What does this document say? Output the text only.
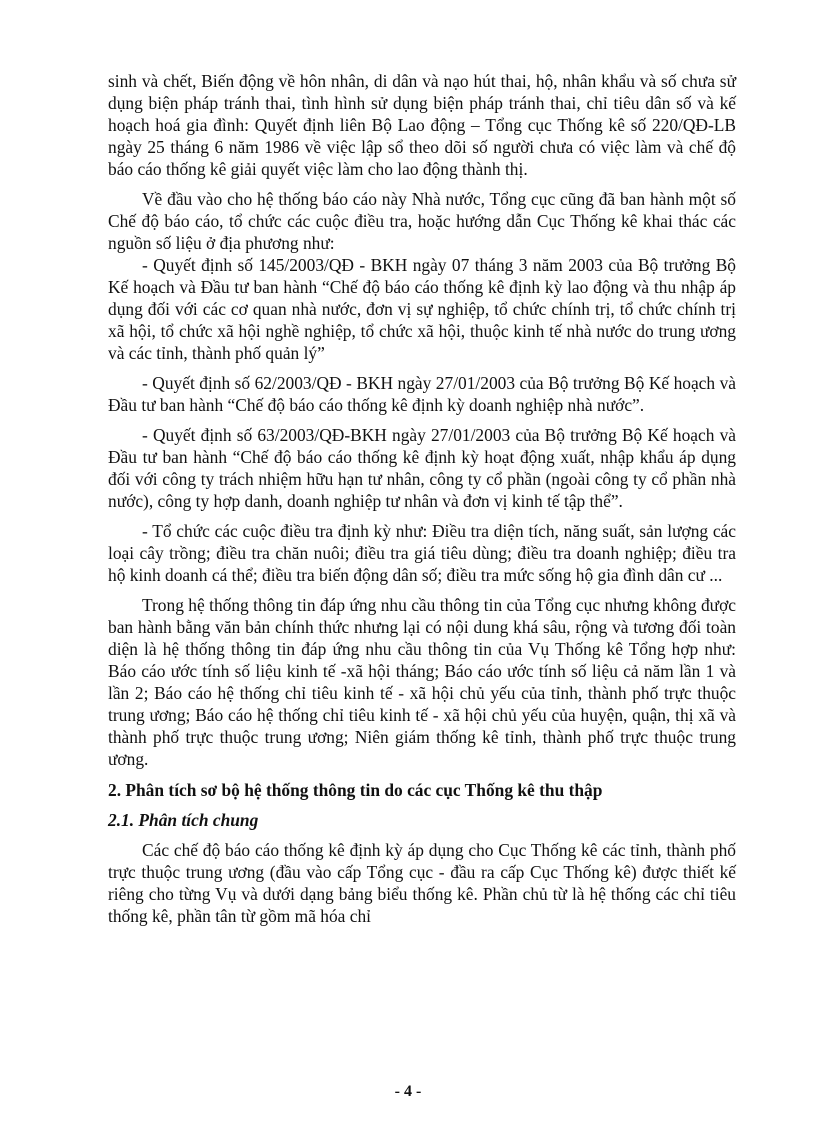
sinh và chết, Biến động về hôn nhân, di dân và nạo hút thai, hộ, nhân khẩu và số chưa sử dụng biện pháp tránh thai, tình hình sử dụng biện pháp tránh thai, chỉ tiêu dân số và kế hoạch hoá gia đình: Quyết định liên Bộ Lao động – Tổng cục Thống kê số 220/QĐ-LB ngày 25 tháng 6 năm 1986 về việc lập sổ theo dõi số người chưa có việc làm và chế độ báo cáo thống kê giải quyết việc làm cho lao động thành thị.

Về đầu vào cho hệ thống báo cáo này Nhà nước, Tổng cục cũng đã ban hành một số Chế độ báo cáo, tổ chức các cuộc điều tra, hoặc hướng dẫn Cục Thống kê khai thác các nguồn số liệu ở địa phương như:

- Quyết định số 145/2003/QĐ - BKH ngày 07 tháng 3 năm 2003 của Bộ trưởng Bộ Kế hoạch và Đầu tư ban hành “Chế độ báo cáo thống kê định kỳ lao động và thu nhập áp dụng đối với các cơ quan nhà nước, đơn vị sự nghiệp, tổ chức chính trị, tổ chức chính trị xã hội, tổ chức xã hội nghề nghiệp, tổ chức xã hội, thuộc kinh tế nhà nước do trung ương và các tỉnh, thành phố quản lý”

- Quyết định số 62/2003/QĐ - BKH ngày 27/01/2003 của Bộ trưởng Bộ Kế hoạch và Đầu tư ban hành “Chế độ báo cáo thống kê định kỳ doanh nghiệp nhà nước”.

- Quyết định số 63/2003/QĐ-BKH ngày 27/01/2003 của Bộ trưởng Bộ Kế hoạch và Đầu tư ban hành “Chế độ báo cáo thống kê định kỳ hoạt động xuất, nhập khẩu áp dụng đối với công ty trách nhiệm hữu hạn tư nhân, công ty cổ phần (ngoài công ty cổ phần nhà nước), công ty hợp danh, doanh nghiệp tư nhân và đơn vị kinh tế tập thể”.

- Tổ chức các cuộc điều tra định kỳ như: Điều tra diện tích, năng suất, sản lượng các loại cây trồng; điều tra chăn nuôi; điều tra giá tiêu dùng; điều tra doanh nghiệp; điều tra hộ kinh doanh cá thể; điều tra biến động dân số; điều tra mức sống hộ gia đình dân cư ...

Trong hệ thống thông tin đáp ứng nhu cầu thông tin của Tổng cục nhưng không được ban hành bằng văn bản chính thức nhưng lại có nội dung khá sâu, rộng và tương đối toàn diện là hệ thống thông tin đáp ứng nhu cầu thông tin của Vụ Thống kê Tổng hợp như: Báo cáo ước tính số liệu kinh tế -xã hội tháng; Báo cáo ước tính số liệu cả năm lần 1 và lần 2; Báo cáo hệ thống chỉ tiêu kinh tế - xã hội chủ yếu của tỉnh, thành phố trực thuộc trung ương; Báo cáo hệ thống chỉ tiêu kinh tế - xã hội chủ yếu của huyện, quận, thị xã và thành phố trực thuộc trung ương; Niên giám thống kê tỉnh, thành phố trực thuộc trung ương.

2. Phân tích sơ bộ hệ thống thông tin do các cục Thống kê thu thập
2.1. Phân tích chung

Các chế độ báo cáo thống kê định kỳ áp dụng cho Cục Thống kê các tỉnh, thành phố trực thuộc trung ương (đầu vào cấp Tổng cục - đầu ra cấp Cục Thống kê) được thiết kế riêng cho từng Vụ và dưới dạng bảng biểu thống kê. Phần chủ từ là hệ thống các chỉ tiêu thống kê, phần tân từ gồm mã hóa chỉ

- 4 -
